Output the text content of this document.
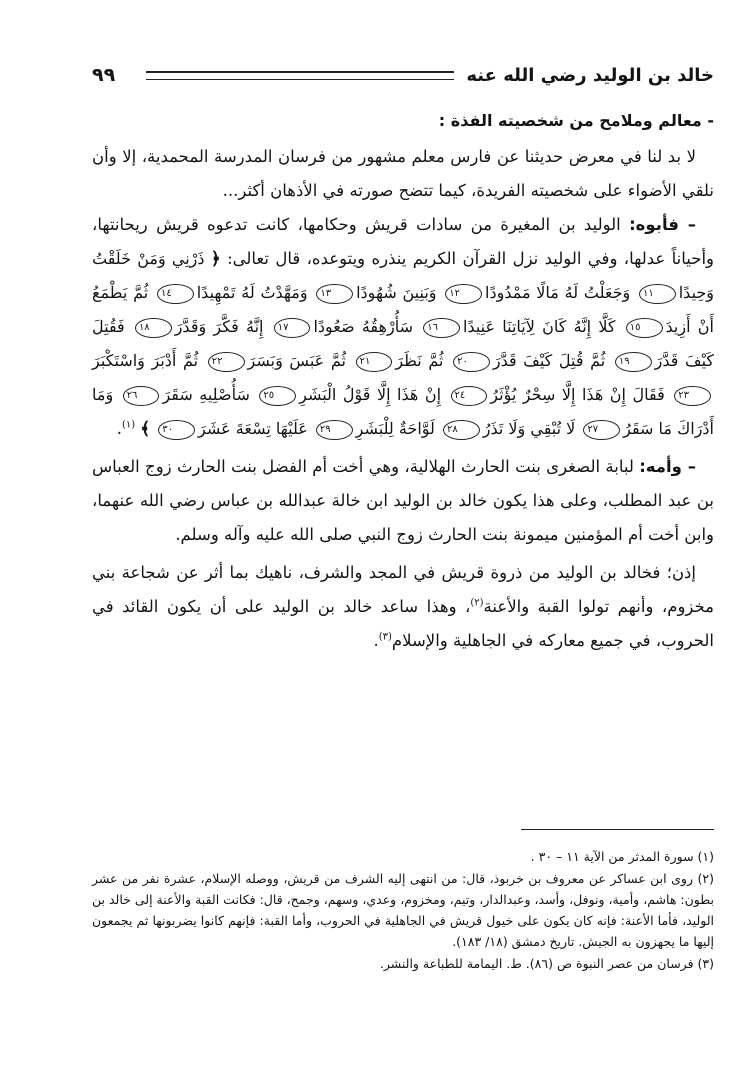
٩٩	خالد بن الوليد رضي الله عنه

- معالم وملامح من شخصيته الفذة :

لا بد لنا في معرض حديثنا عن فارس معلم مشهور من فرسان المدرسة المحمدية، إلا وأن نلقي الأضواء على شخصيته الفريدة، كيما تتضح صورته في الأذهان أكثر...

– فأبوه: الوليد بن المغيرة من سادات قريش وحكامها، كانت تدعوه قريش ريحانتها، وأحياناً عدلها، وفي الوليد نزل القرآن الكريم ينذره ويتوعده، قال تعالى: ﴿ ذَرْنِي وَمَنْ خَلَقْتُ وَحِيدًا١١ وَجَعَلْتُ لَهُ مَالًا مَمْدُودًا١٢ وَبَنِينَ شُهُودًا١٣ وَمَهَّدْتُ لَهُ تَمْهِيدًا١٤ ثُمَّ يَطْمَعُ أَنْ أَزِيدَ١٥ كَلَّا إِنَّهُ كَانَ لِآيَاتِنَا عَنِيدًا١٦ سَأُرْهِقُهُ صَعُودًا١٧ إِنَّهُ فَكَّرَ وَقَدَّرَ١٨ فَقُتِلَ كَيْفَ قَدَّرَ١٩ ثُمَّ قُتِلَ كَيْفَ قَدَّرَ٢٠ ثُمَّ نَظَرَ٢١ ثُمَّ عَبَسَ وَبَسَرَ٢٢ ثُمَّ أَدْبَرَ وَاسْتَكْبَرَ٢٣ فَقَالَ إِنْ هَذَا إِلَّا سِحْرٌ يُؤْثَرُ٢٤ إِنْ هَذَا إِلَّا قَوْلُ الْبَشَرِ٢٥ سَأُصْلِيهِ سَقَرَ٢٦ وَمَا أَدْرَاكَ مَا سَقَرُ٢٧ لَا تُبْقِي وَلَا تَذَرُ٢٨ لَوَّاحَةٌ لِلْبَشَرِ٢٩ عَلَيْهَا تِسْعَةَ عَشَرَ٣٠ ﴾ $^{(١)}$.

– وأمه: لبابة الصغرى بنت الحارث الهلالية، وهي أخت أم الفضل بنت الحارث زوج العباس بن عبد المطلب، وعلى هذا يكون خالد بن الوليد ابن خالة عبدالله بن عباس رضي الله عنهما، وابن أخت أم المؤمنين ميمونة بنت الحارث زوج النبي صلى الله عليه وآله وسلم.

إذن؛ فخالد بن الوليد من ذروة قريش في المجد والشرف، ناهيك بما أثر عن شجاعة بني مخزوم، وأنهم تولوا القبة والأعنة$^{(٢)}$، وهذا ساعد خالد بن الوليد على أن يكون القائد في الحروب، في جميع معاركه في الجاهلية والإسلام$^{(٣)}$.

(١) سورة المدثر من الآية ١١ – ٣٠ .

(٢) روى ابن عساكر عن معروف بن خربوذ، قال: من انتهى إليه الشرف من قريش، ووصله الإسلام، عشرة نفر من عشر بطون: هاشم، وأمية، ونوفل، وأسد، وعبدالدار، وتيم، ومخزوم، وعدي، وسهم، وجمح، قال: فكانت القبة والأعنة إلى خالد بن الوليد، فأما الأعنة: فإنه كان يكون على خيول قريش في الجاهلية في الحروب، وأما القبة: فإنهم كانوا يضربونها ثم يجمعون إليها ما يجهزون به الجيش. تاريخ دمشق (١٨/ ١٨٣).

(٣) فرسان من عصر النبوة ص (٨٦). ط. اليمامة للطباعة والنشر.
